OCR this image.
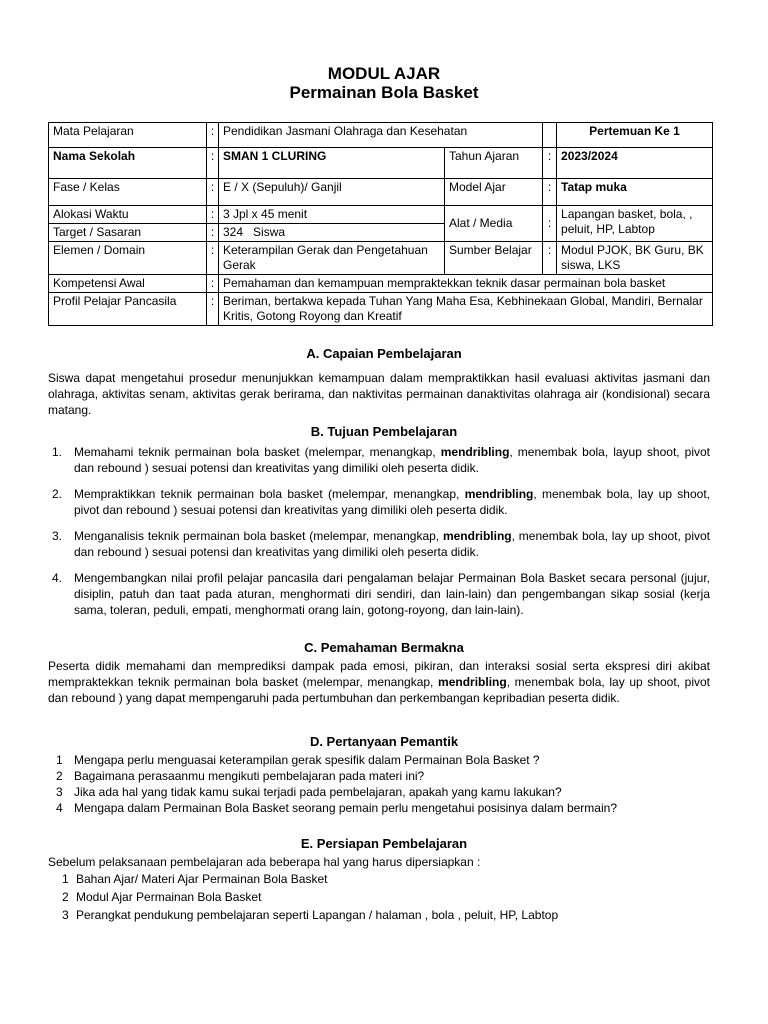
MODUL AJAR
Permainan Bola Basket
Mata Pelajaran	:	Pendidikan Jasmani Olahraga dan Kesehatan			Pertemuan Ke 1
Nama Sekolah	:	SMAN 1 CLURING	Tahun Ajaran	:	2023/2024
Fase / Kelas	:	E / X (Sepuluh)/ Ganjil	Model Ajar	:	Tatap muka
Alokasi Waktu	:	3 Jpl x 45 menit	Alat / Media	:	Lapangan basket, bola, , peluit, HP, Labtop
Target / Sasaran	:	324   Siswa			
Elemen / Domain	:	Keterampilan Gerak dan Pengetahuan Gerak	Sumber Belajar	:	Modul PJOK, BK Guru, BK siswa, LKS
Kompetensi Awal	:	Pemahaman dan kemampuan mempraktekkan teknik dasar permainan bola basket			
Profil Pelajar Pancasila	:	Beriman, bertakwa kepada Tuhan Yang Maha Esa, Kebhinekaan Global, Mandiri, Bernalar Kritis, Gotong Royong dan Kreatif			
A. Capaian Pembelajaran
Siswa dapat mengetahui prosedur menunjukkan kemampuan dalam mempraktikkan hasil evaluasi aktivitas jasmani dan olahraga, aktivitas senam, aktivitas gerak berirama, dan naktivitas permainan danaktivitas olahraga air (kondisional) secara matang.
B. Tujuan Pembelajaran
1. Memahami teknik permainan bola basket (melempar, menangkap, mendribling, menembak bola, layup shoot, pivot dan rebound ) sesuai potensi dan kreativitas yang dimiliki oleh peserta didik.
2. Mempraktikkan teknik permainan bola basket (melempar, menangkap, mendribling, menembak bola, lay up shoot, pivot dan rebound ) sesuai potensi dan kreativitas yang dimiliki oleh peserta didik.
3. Menganalisis teknik permainan bola basket (melempar, menangkap, mendribling, menembak bola, lay up shoot, pivot dan rebound ) sesuai potensi dan kreativitas yang dimiliki oleh peserta didik.
4. Mengembangkan nilai profil pelajar pancasila dari pengalaman belajar Permainan Bola Basket secara personal (jujur, disiplin, patuh dan taat pada aturan, menghormati diri sendiri, dan lain-lain) dan pengembangan sikap sosial (kerja sama, toleran, peduli, empati, menghormati orang lain, gotong-royong, dan lain-lain).
C. Pemahaman Bermakna
Peserta didik memahami dan memprediksi dampak pada emosi, pikiran, dan interaksi sosial serta ekspresi diri akibat mempraktekkan teknik permainan bola basket (melempar, menangkap, mendribling, menembak bola, lay up shoot, pivot dan rebound ) yang dapat mempengaruhi pada pertumbuhan dan perkembangan kepribadian peserta didik.
D. Pertanyaan Pemantik
1 Mengapa perlu menguasai keterampilan gerak spesifik dalam Permainan Bola Basket ?
2 Bagaimana perasaanmu mengikuti pembelajaran pada materi ini?
3 Jika ada hal yang tidak kamu sukai terjadi pada pembelajaran, apakah yang kamu lakukan?
4 Mengapa dalam Permainan Bola Basket seorang pemain perlu mengetahui posisinya dalam bermain?
E. Persiapan Pembelajaran
Sebelum pelaksanaan pembelajaran ada beberapa hal yang harus dipersiapkan :
1 Bahan Ajar/ Materi Ajar Permainan Bola Basket
2 Modul Ajar Permainan Bola Basket
3 Perangkat pendukung pembelajaran seperti Lapangan / halaman , bola , peluit, HP, Labtop
